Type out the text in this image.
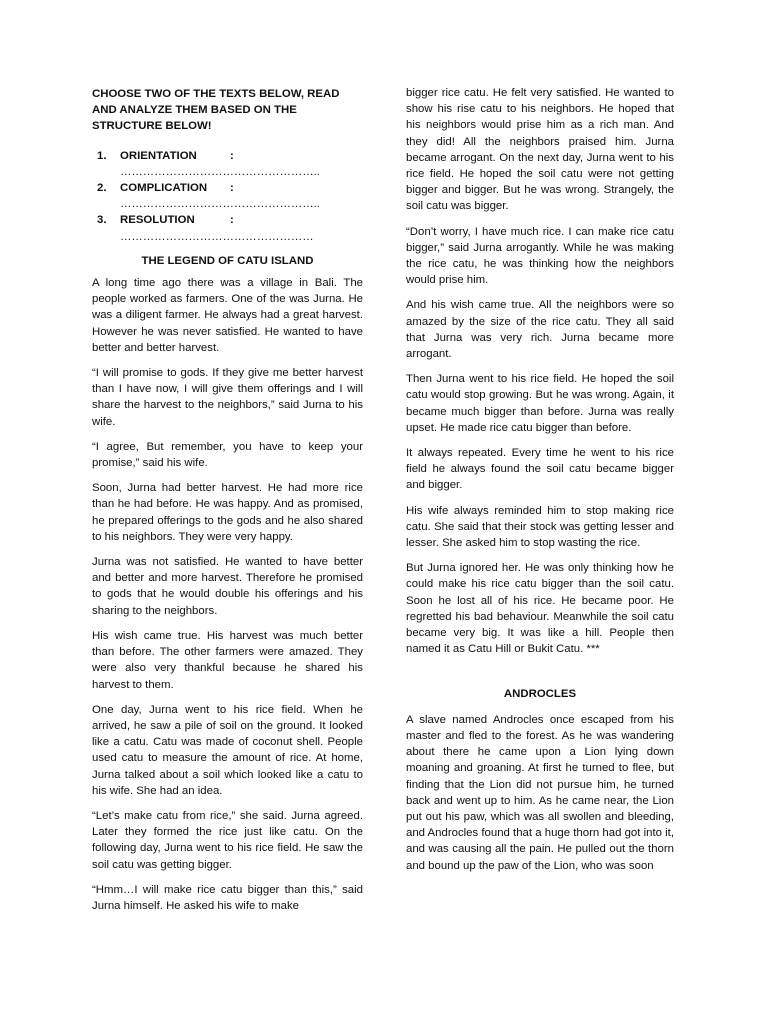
CHOOSE TWO OF THE TEXTS BELOW, READ AND ANALYZE THEM BASED ON THE STRUCTURE BELOW!

1. ORIENTATION	:
……………………………………………..
2. COMPLICATION :
……………………………………………..
3. RESOLUTION	:
……………………………………………

THE LEGEND OF CATU ISLAND

A long time ago there was a village in Bali. The people worked as farmers. One of the was Jurna. He was a diligent farmer. He always had a great harvest. However he was never satisfied. He wanted to have better and better harvest.

“I will promise to gods. If they give me better harvest than I have now, I will give them offerings and I will share the harvest to the neighbors,” said Jurna to his wife.

“I agree, But remember, you have to keep your promise,” said his wife.

Soon, Jurna had better harvest. He had more rice than he had before. He was happy. And as promised, he prepared offerings to the gods and he also shared to his neighbors. They were very happy.

Jurna was not satisfied. He wanted to have better and better and more harvest. Therefore he promised to gods that he would double his offerings and his sharing to the neighbors.

His wish came true. His harvest was much better than before. The other farmers were amazed. They were also very thankful because he shared his harvest to them.

One day, Jurna went to his rice field. When he arrived, he saw a pile of soil on the ground. It looked like a catu. Catu was made of coconut shell. People used catu to measure the amount of rice. At home, Jurna talked about a soil which looked like a catu to his wife. She had an idea.

“Let’s make catu from rice,” she said. Jurna agreed. Later they formed the rice just like catu. On the following day, Jurna went to his rice field. He saw the soil catu was getting bigger.

“Hmm…I will make rice catu bigger than this,” said Jurna himself. He asked his wife to make

bigger rice catu. He felt very satisfied. He wanted to show his rise catu to his neighbors. He hoped that his neighbors would prise him as a rich man. And they did! All the neighbors praised him. Jurna became arrogant. On the next day, Jurna went to his rice field. He hoped the soil catu were not getting bigger and bigger. But he was wrong. Strangely, the soil catu was bigger.

“Don’t worry, I have much rice. I can make rice catu bigger,” said Jurna arrogantly. While he was making the rice catu, he was thinking how the neighbors would prise him.

And his wish came true. All the neighbors were so amazed by the size of the rice catu. They all said that Jurna was very rich. Jurna became more arrogant.

Then Jurna went to his rice field. He hoped the soil catu would stop growing. But he was wrong. Again, it became much bigger than before. Jurna was really upset. He made rice catu bigger than before.

It always repeated. Every time he went to his rice field he always found the soil catu became bigger and bigger.

His wife always reminded him to stop making rice catu. She said that their stock was getting lesser and lesser. She asked him to stop wasting the rice.

But Jurna ignored her. He was only thinking how he could make his rice catu bigger than the soil catu. Soon he lost all of his rice. He became poor. He regretted his bad behaviour. Meanwhile the soil catu became very big. It was like a hill. People then named it as Catu Hill or Bukit Catu. ***

ANDROCLES

A slave named Androcles once escaped from his master and fled to the forest. As he was wandering about there he came upon a Lion lying down moaning and groaning. At first he turned to flee, but finding that the Lion did not pursue him, he turned back and went up to him. As he came near, the Lion put out his paw, which was all swollen and bleeding, and Androcles found that a huge thorn had got into it, and was causing all the pain. He pulled out the thorn and bound up the paw of the Lion, who was soon
